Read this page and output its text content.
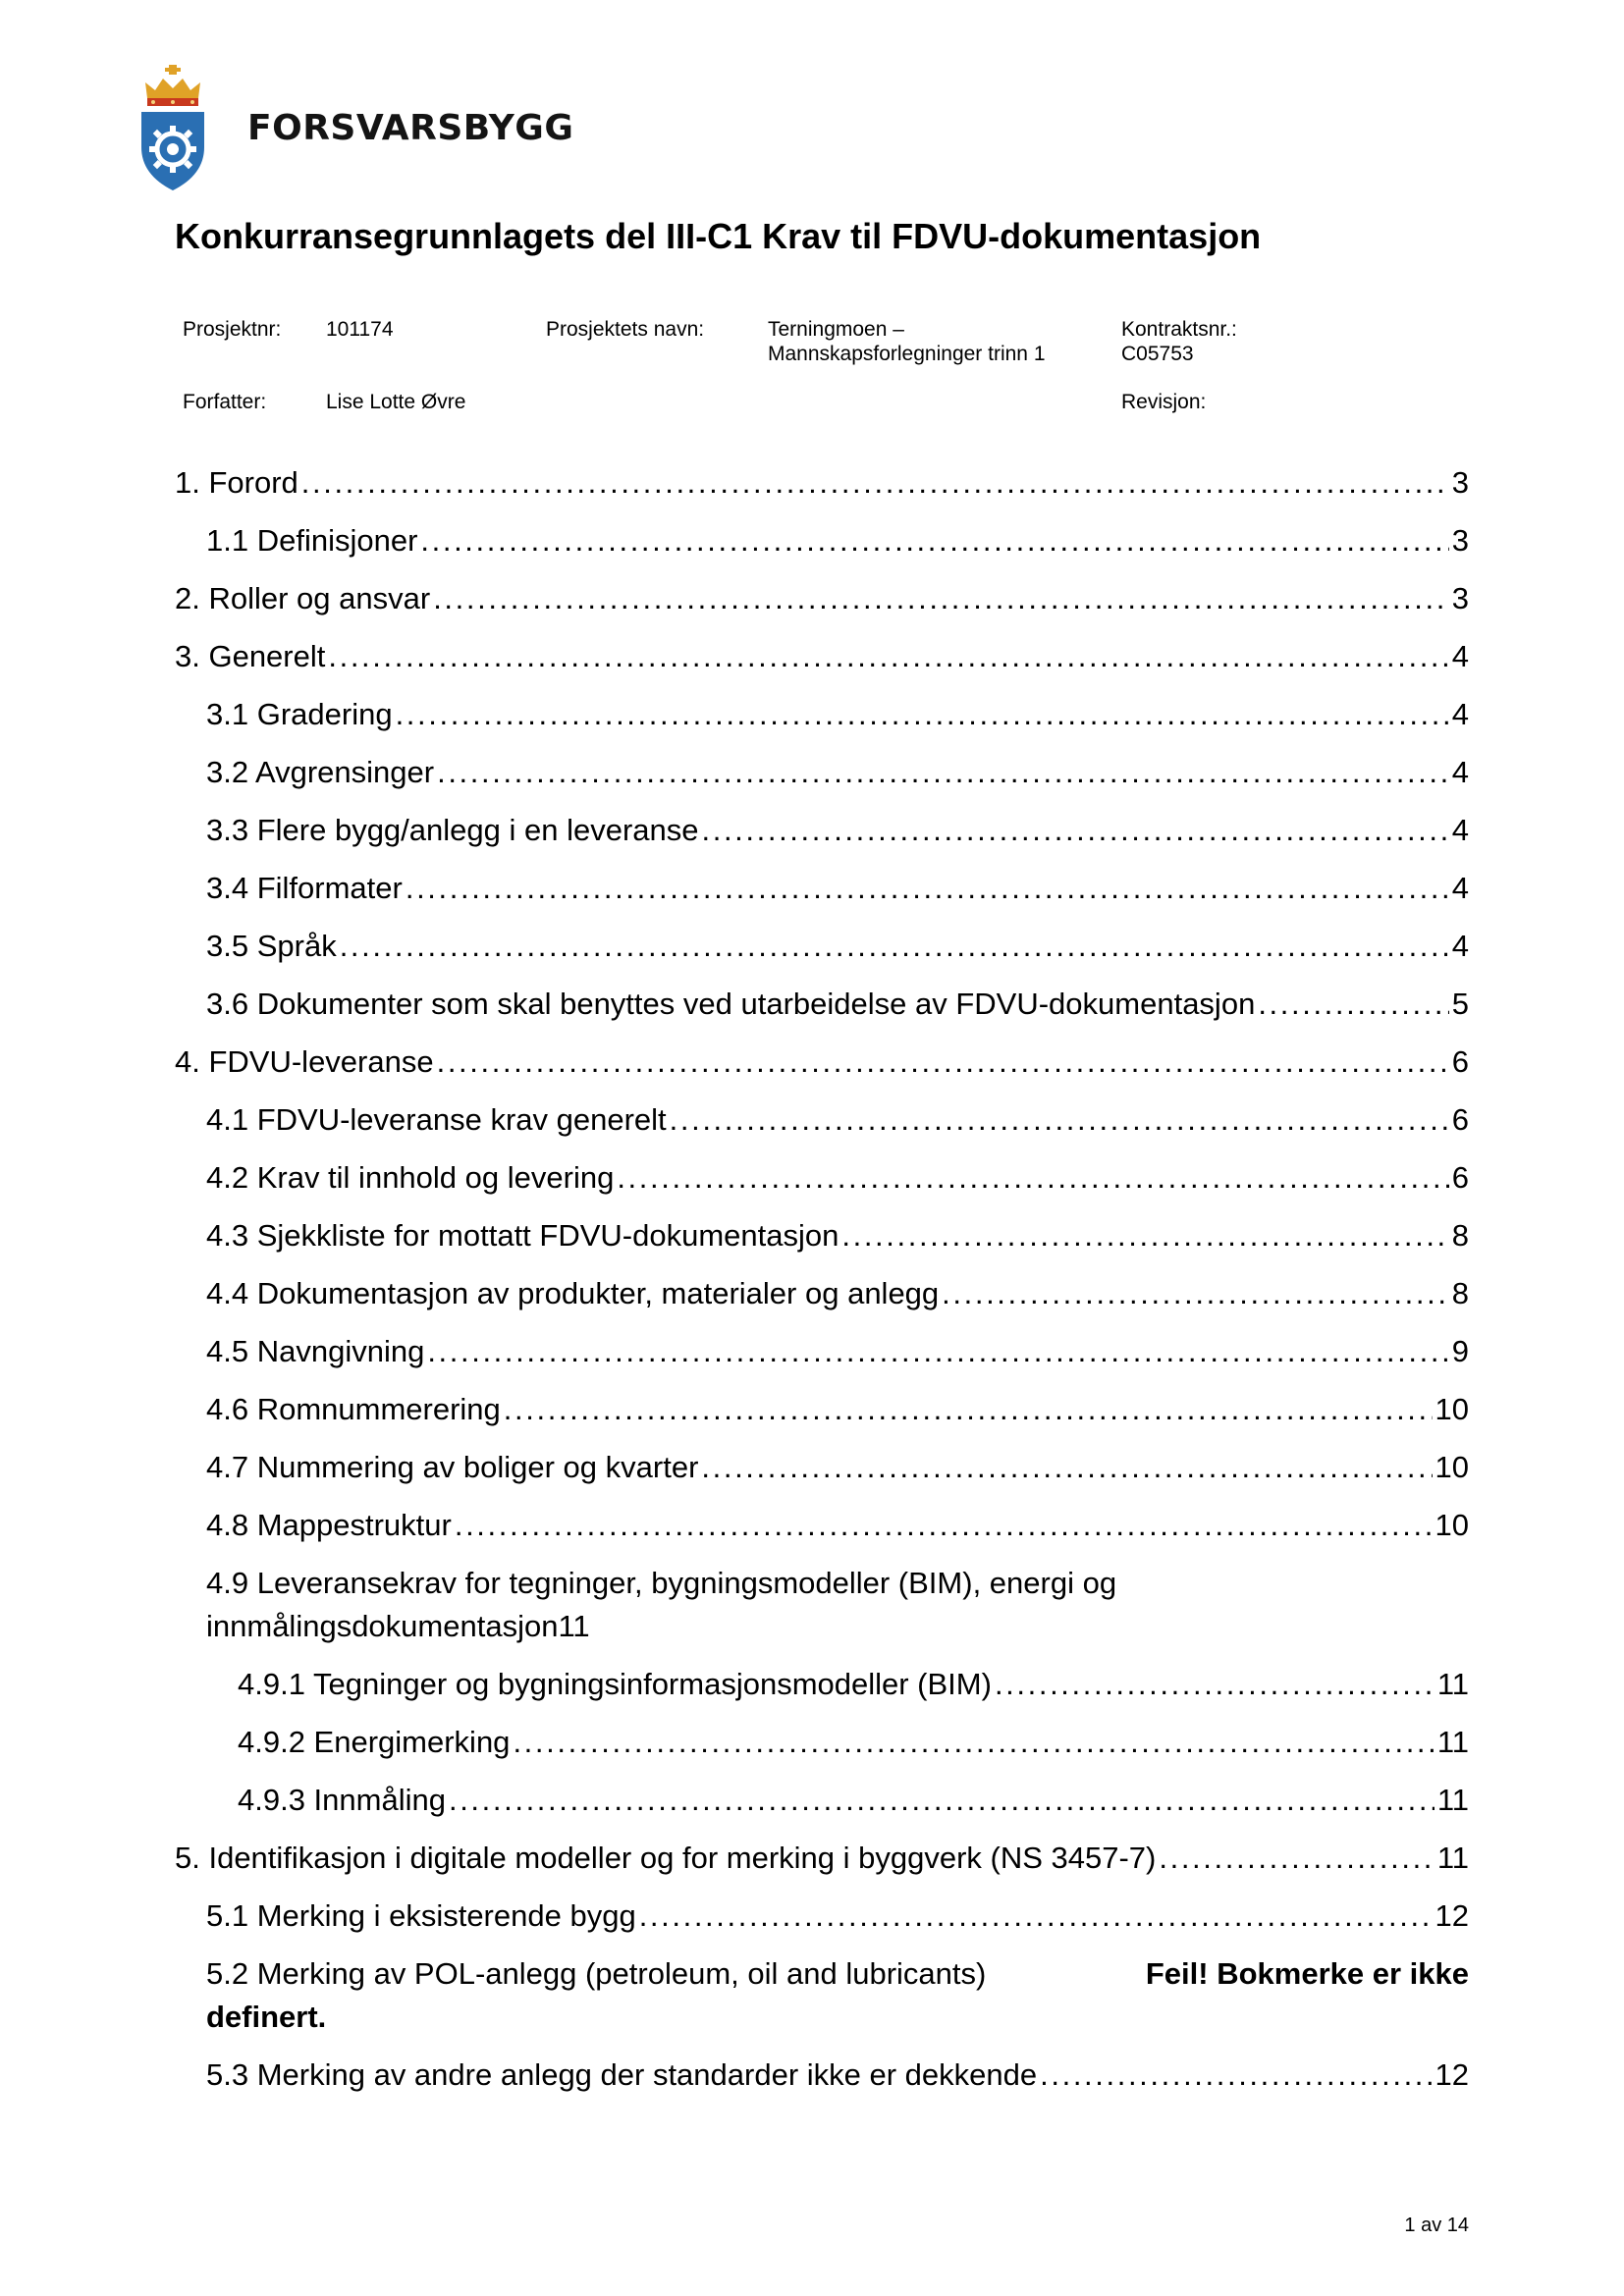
FORSVARSBYGG
Konkurransegrunnlagets del III-C1 Krav til FDVU-dokumentasjon
Prosjektnr: 101174	Prosjektets navn:	Terningmoen –
Mannskapsforlegninger trinn 1
Kontraktsnr.:
C05753
Forfatter:	Lise Lotte Øvre	Revisjon:
1. Forord . . .	3
1.1 Definisjoner . . .	3
2. Roller og ansvar . . .	3
3. Generelt . . .	4
3.1 Gradering . . .	4
3.2 Avgrensinger . . .	4
3.3 Flere bygg/anlegg i en leveranse . . .	4
3.4 Filformater . . .	4
3.5 Språk . . .	4
3.6 Dokumenter som skal benyttes ved utarbeidelse av FDVU-dokumentasjon . . .	5
4. FDVU-leveranse . . .	6
4.1 FDVU-leveranse krav generelt . . .	6
4.2 Krav til innhold og levering . . .	6
4.3 Sjekkliste for mottatt FDVU-dokumentasjon . . .	8
4.4 Dokumentasjon av produkter, materialer og anlegg . . .	8
4.5 Navngivning . . .	9
4.6 Romnummerering . . .	10
4.7 Nummering av boliger og kvarter . . .	10
4.8 Mappestruktur . . .	10
4.9 Leveransekrav for tegninger, bygningsmodeller (BIM), energi og
innmålingsdokumentasjon 11
4.9.1 Tegninger og bygningsinformasjonsmodeller (BIM) . . .	11
4.9.2 Energimerking . . .	11
4.9.3 Innmåling . . .	11
5. Identifikasjon i digitale modeller og for merking i byggverk (NS 3457-7) . . .	11
5.1 Merking i eksisterende bygg . . .	12
5.2 Merking av POL-anlegg (petroleum, oil and lubricants)	Feil! Bokmerke er ikke
definert.
5.3 Merking av andre anlegg der standarder ikke er dekkende . . .	12
1 av 14
